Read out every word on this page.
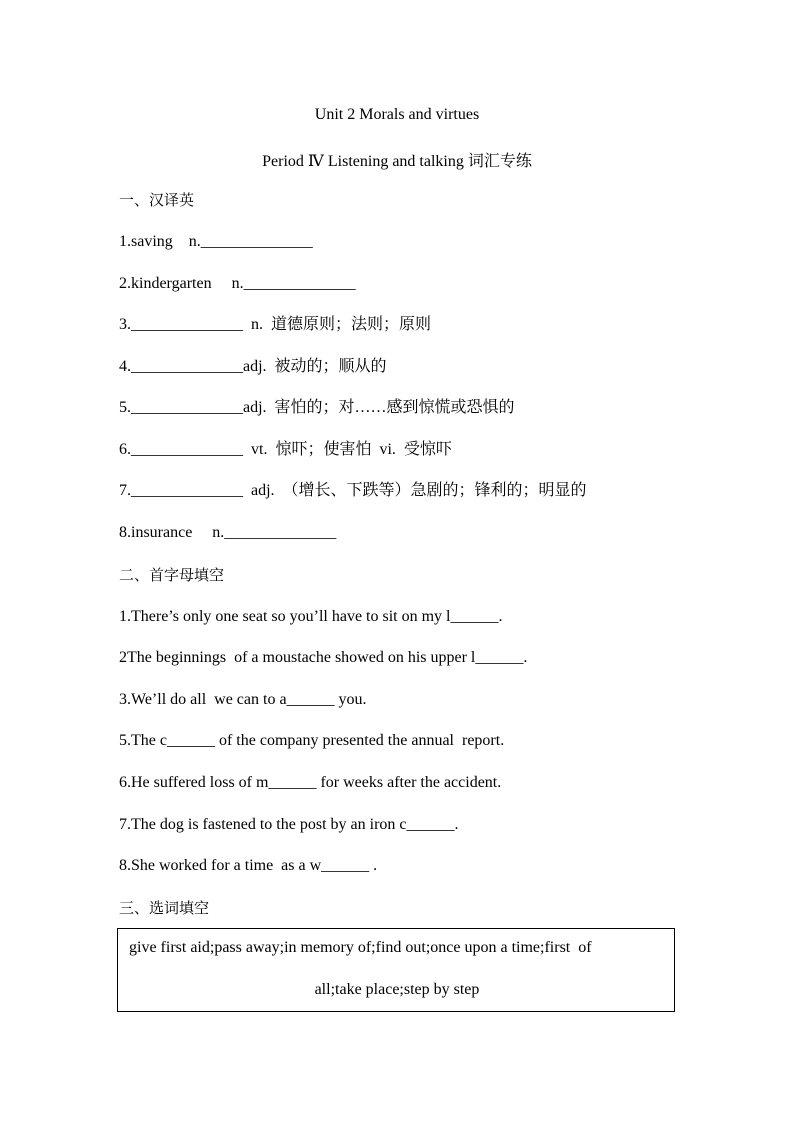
Unit 2 Morals and virtues
Period Ⅳ Listening and talking 词汇专练
一、汉译英
1.saving    n.______________
2.kindergarten     n.______________
3.______________  n.  道德原则；法则；原则
4.______________adj.  被动的；顺从的
5.______________adj.  害怕的；对……感到惊慌或恐惧的
6.______________  vt.  惊吓；使害怕  vi.  受惊吓
7.______________  adj.  （增长、下跌等）急剧的；锋利的；明显的
8.insurance     n.______________
二、首字母填空
1.There’s only one seat so you’ll have to sit on my l______.
2The beginnings  of a moustache showed on his upper l______.
3.We’ll do all  we can to a______ you.
5.The c______ of the company presented the annual  report.
6.He suffered loss of m______ for weeks after the accident.
7.The dog is fastened to the post by an iron c______.
8.She worked for a time  as a w______ .
三、选词填空
give first aid;pass away;in memory of;find out;once upon a time;first  of
all;take place;step by step
